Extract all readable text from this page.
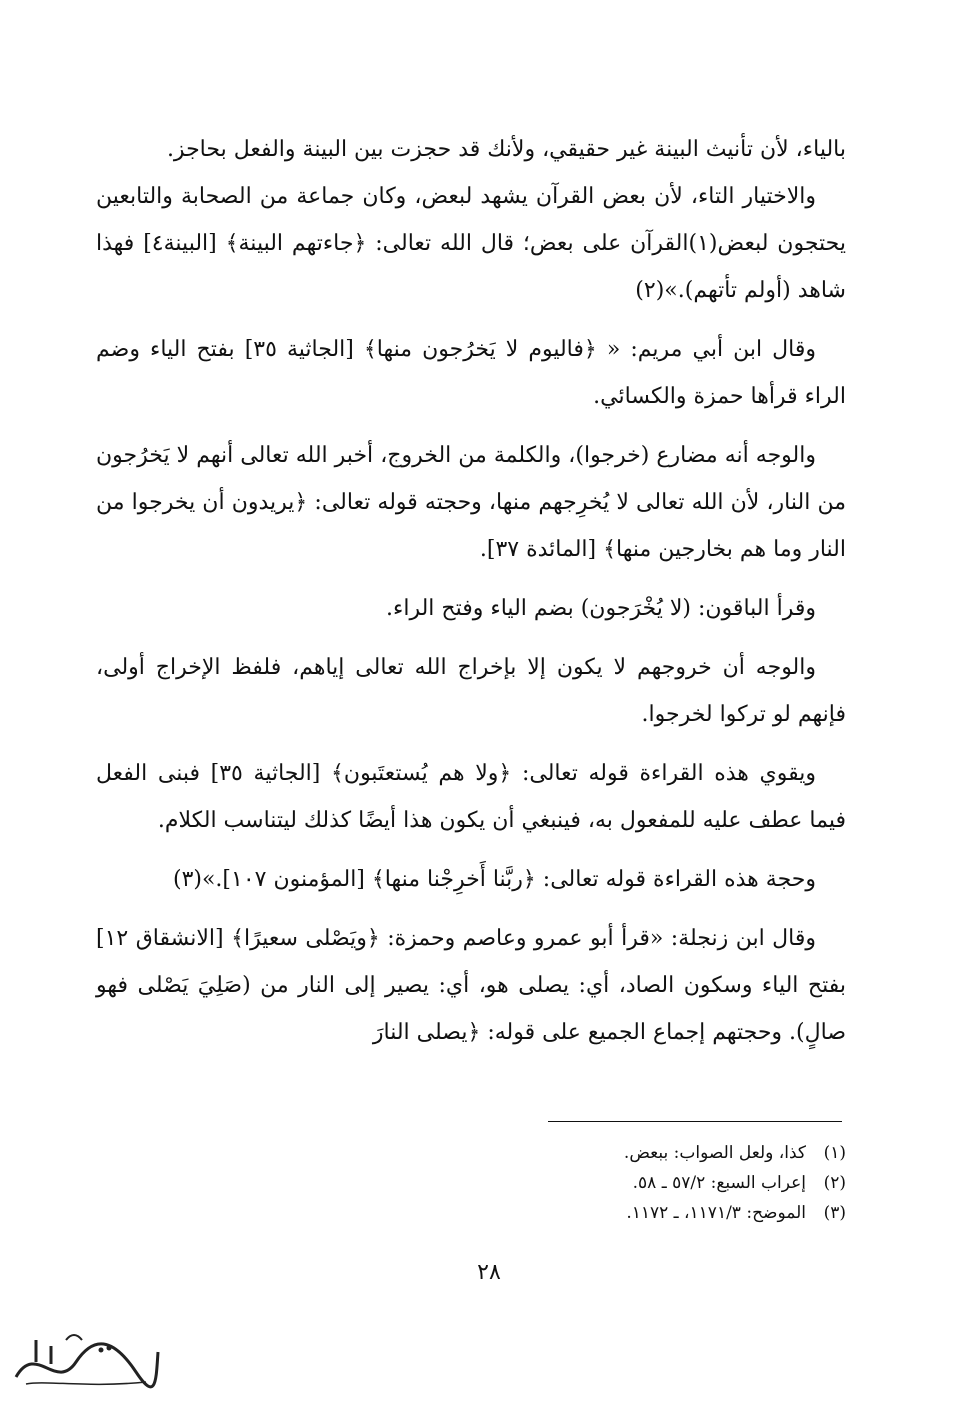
بالياء، لأن تأنيث البينة غير حقيقي، ولأنك قد حجزت بين البينة والفعل بحاجز.

والاختيار التاء، لأن بعض القرآن يشهد لبعض، وكان جماعة من الصحابة والتابعين يحتجون لبعض(١)القرآن على بعض؛ قال الله تعالى: ﴿جاءتهم البينة﴾ [البينة٤] فهذا شاهد (أولم تأتهم).»(٢)

وقال ابن أبي مريم: « ﴿فاليوم لا يَخرُجون منها﴾ [الجاثية ٣٥] بفتح الياء وضم الراء قرأها حمزة والكسائي.

والوجه أنه مضارع (خرجوا)، والكلمة من الخروج، أخبر الله تعالى أنهم لا يَخرُجون من النار، لأن الله تعالى لا يُخرِجهم منها، وحجته قوله تعالى: ﴿يريدون أن يخرجوا من النار وما هم بخارجين منها﴾ [المائدة ٣٧].

وقرأ الباقون: (لا يُخْرَجون) بضم الياء وفتح الراء.

والوجه أن خروجهم لا يكون إلا بإخراج الله تعالى إياهم، فلفظ الإخراج أولى، فإنهم لو تركوا لخرجوا.

ويقوي هذه القراءة قوله تعالى: ﴿ولا هم يُستعتَبون﴾ [الجاثية ٣٥] فبنى الفعل فيما عطف عليه للمفعول به، فينبغي أن يكون هذا أيضًا كذلك ليتناسب الكلام.

وحجة هذه القراءة قوله تعالى: ﴿ربَّنا أَخرِجْنا منها﴾ [المؤمنون ١٠٧].»(٣)

وقال ابن زنجلة: «قرأ أبو عمرو وعاصم وحمزة: ﴿ويَصْلى سعيرًا﴾ [الانشقاق ١٢] بفتح الياء وسكون الصاد، أي: يصلى هو، أي: يصير إلى النار من (صَلِيَ يَصْلى فهو صالٍ). وحجتهم إجماع الجميع على قوله: ﴿يصلى النارَ

(١)كذا، ولعل الصواب: ببعض.
(٢)إعراب السبع: ٥٧/٢ ـ ٥٨.
(٣)الموضح: ١١٧١/٣، ـ ١١٧٢.
٢٨
